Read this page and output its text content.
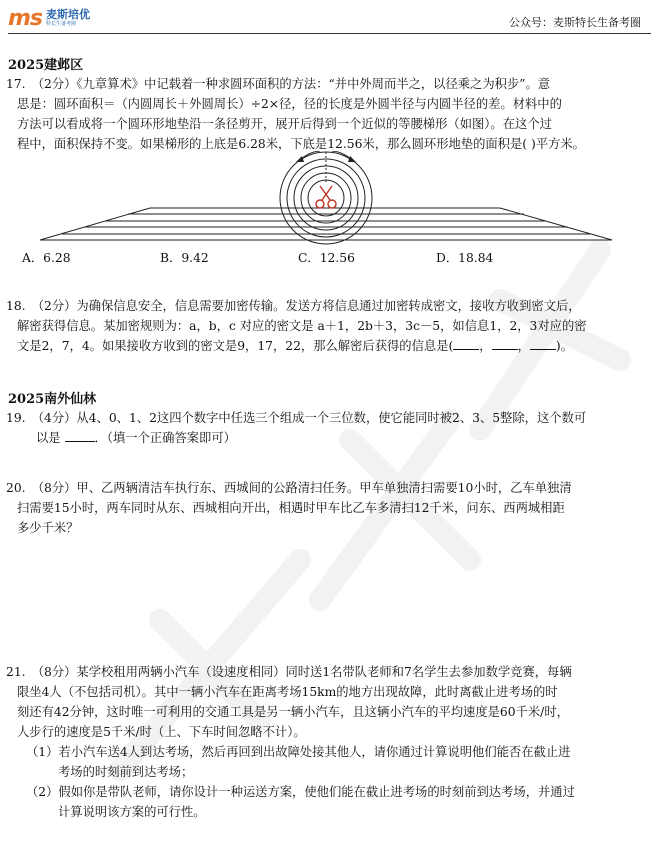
ms 麦斯培优
特长生备考圈	公众号：麦斯特长生备考圈
2025建邺区
17.　（2分）《九章算术》中记载着一种求圆环面积的方法：“并中外周而半之，以径乘之为积步”。意
思是：圆环面积＝（内圆周长＋外圆周长）÷2×径，径的长度是外圆半径与内圆半径的差。材料中的
方法可以看成将一个圆环形地垫沿一条径剪开，展开后得到一个近似的等腰梯形（如图）。在这个过
程中，面积保持不变。如果梯形的上底是6.28米，下底是12.56米，那么圆环形地垫的面积是( )平方米。
A．6.28	B．9.42	C．12.56	D．18.84
18.　（2分）为确保信息安全，信息需要加密传输。发送方将信息通过加密转成密文，接收方收到密文后，
解密获得信息。某加密规则为：a，b，c 对应的密文是 a＋1，2b＋3，3c－5，如信息1，2，3对应的密
文是2，7，4。如果接收方收到的密文是9，17，22，那么解密后获得的信息是( ， ， )。
2025南外仙林
19.　（4分）从4、0、1、2这四个数字中任选三个组成一个三位数，使它能同时被2、3、5整除，这个数可
以是	．（填一个正确答案即可）
20.　（8分）甲、乙两辆清洁车执行东、西城间的公路清扫任务。甲车单独清扫需要10小时，乙车单独清
扫需要15小时，两车同时从东、西城相向开出，相遇时甲车比乙车多清扫12千米，问东、西两城相距
多少千米？
21.　（8分）某学校租用两辆小汽车（设速度相同）同时送1名带队老师和7名学生去参加数学竞赛，每辆
限坐4人（不包括司机）。其中一辆小汽车在距离考场15km的地方出现故障，此时离截止进考场的时
刻还有42分钟，这时唯一可利用的交通工具是另一辆小汽车，且这辆小汽车的平均速度是60千米/时，
人步行的速度是5千米/时（上、下车时间忽略不计）。
（1）若小汽车送4人到达考场，然后再回到出故障处接其他人，请你通过计算说明他们能否在截止进
考场的时刻前到达考场；
（2）假如你是带队老师，请你设计一种运送方案，使他们能在截止进考场的时刻前到达考场，并通过
计算说明该方案的可行性。
